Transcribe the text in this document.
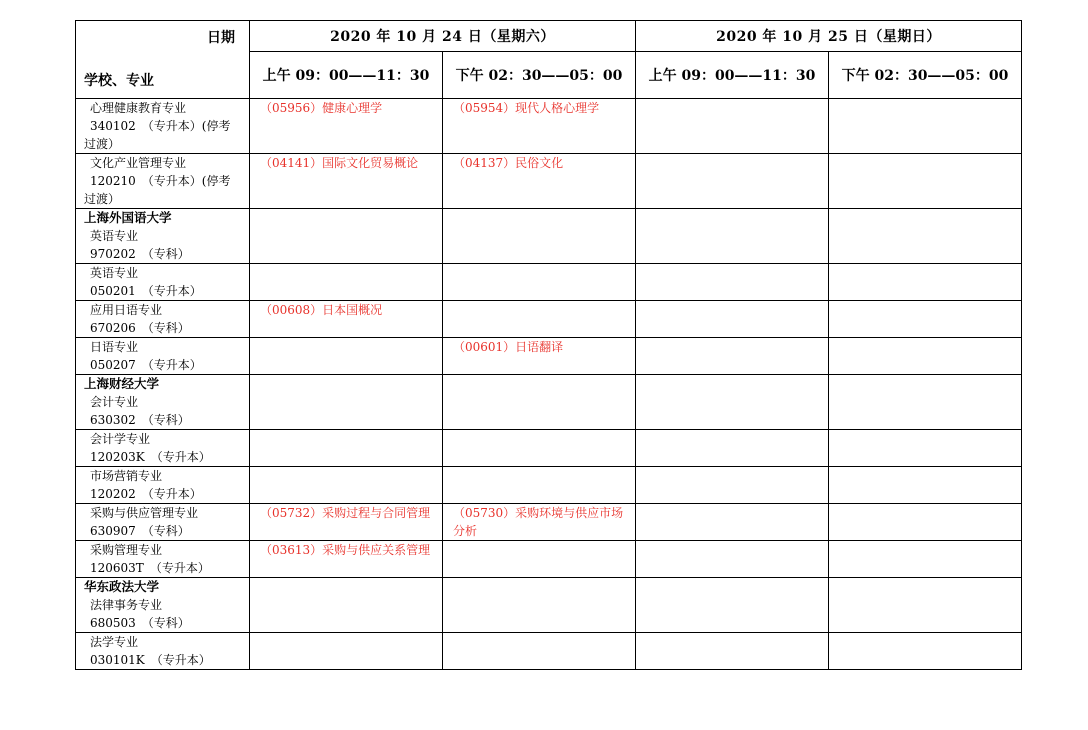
日期
学校、专业	2020 年 10 月 24 日（星期六）		2020 年 10 月 25 日（星期日）	
	上午 09：00——11：30	下午 02：30——05：00	上午 09：00——11：30	下午 02：30——05：00

心理健康教育专业
340102　（专升本）(停考
过渡）	（05956）健康心理学	（05954）现代人格心理学		

文化产业管理专业
120210　（专升本）(停考
过渡）	（04141）国际文化贸易概论	（04137）民俗文化		

上海外国语大学
英语专业
970202　（专科）				

英语专业
050201　（专升本）				

应用日语专业
670206　（专科）	（00608）日本国概况			

日语专业
050207　（专升本）		（00601）日语翻译		

上海财经大学
会计专业
630302　（专科）				

会计学专业
120203K　（专升本）				

市场营销专业
120202　（专升本）				

采购与供应管理专业
630907　（专科）	（05732）采购过程与合同管理	（05730）采购环境与供应市场分析		

采购管理专业
120603T　（专升本）	（03613）采购与供应关系管理			

华东政法大学
法律事务专业
680503　（专科）				

法学专业
030101K　（专升本）				
